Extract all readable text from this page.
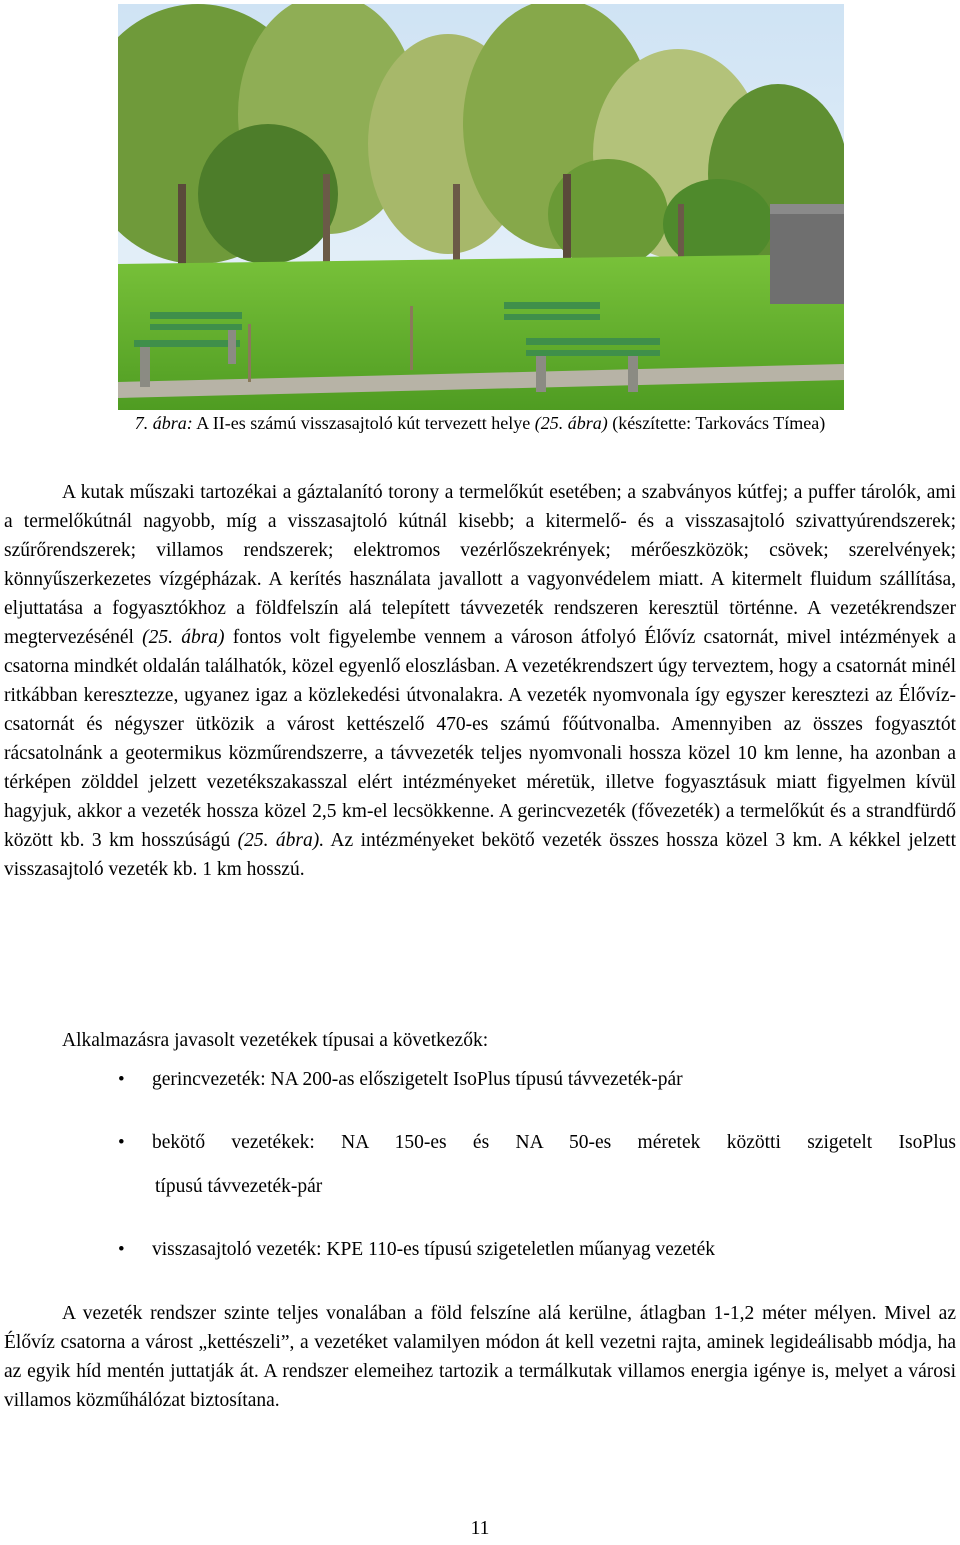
7. ábra: A II-es számú visszasajtoló kút tervezett helye (25. ábra) (készítette: Tarkovács Tímea)

A kutak műszaki tartozékai a gáztalanító torony a termelőkút esetében; a szabványos kútfej; a puffer tárolók, ami a termelőkútnál nagyobb, míg a visszasajtoló kútnál kisebb; a kitermelő- és a visszasajtoló szivattyúrendszerek; szűrőrendszerek; villamos rendszerek; elektromos vezérlőszekrények; mérőeszközök; csövek; szerelvények; könnyűszerkezetes vízgépházak. A kerítés használata javallott a vagyonvédelem miatt. A kitermelt fluidum szállítása, eljuttatása a fogyasztókhoz a földfelszín alá telepített távvezeték rendszeren keresztül történne. A vezetékrendszer megtervezésénél (25. ábra) fontos volt figyelembe vennem a városon átfolyó Élővíz csatornát, mivel intézmények a csatorna mindkét oldalán találhatók, közel egyenlő eloszlásban. A vezetékrendszert úgy terveztem, hogy a csatornát minél ritkábban keresztezze, ugyanez igaz a közlekedési útvonalakra. A vezeték nyomvonala így egyszer keresztezi az Élővíz-csatornát és négyszer ütközik a várost kettészelő 470-es számú főútvonalba. Amennyiben az összes fogyasztót rácsatolnánk a geotermikus közműrendszerre, a távvezeték teljes nyomvonali hossza közel 10 km lenne, ha azonban a térképen zölddel jelzett vezetékszakasszal elért intézményeket méretük, illetve fogyasztásuk miatt figyelmen kívül hagyjuk, akkor a vezeték hossza közel 2,5 km-el lecsökkenne. A gerincvezeték (fővezeték) a termelőkút és a strandfürdő között kb. 3 km hosszúságú (25. ábra). Az intézményeket bekötő vezeték összes hossza közel 3 km. A kékkel jelzett visszasajtoló vezeték kb. 1 km hosszú.

Alkalmazásra javasolt vezetékek típusai a következők:

• gerincvezeték: NA 200-as előszigetelt IsoPlus típusú távvezeték-pár
• bekötő vezetékek: NA 150-es és NA 50-es méretek közötti szigetelt IsoPlus
típusú távvezeték-pár
• visszasajtoló vezeték: KPE 110-es típusú szigeteletlen műanyag vezeték

A vezeték rendszer szinte teljes vonalában a föld felszíne alá kerülne, átlagban 1-1,2 méter mélyen. Mivel az Élővíz csatorna a várost „kettészeli”, a vezetéket valamilyen módon át kell vezetni rajta, aminek legideálisabb módja, ha az egyik híd mentén juttatják át. A rendszer elemeihez tartozik a termálkutak villamos energia igénye is, melyet a városi villamos közműhálózat biztosítana.

11
